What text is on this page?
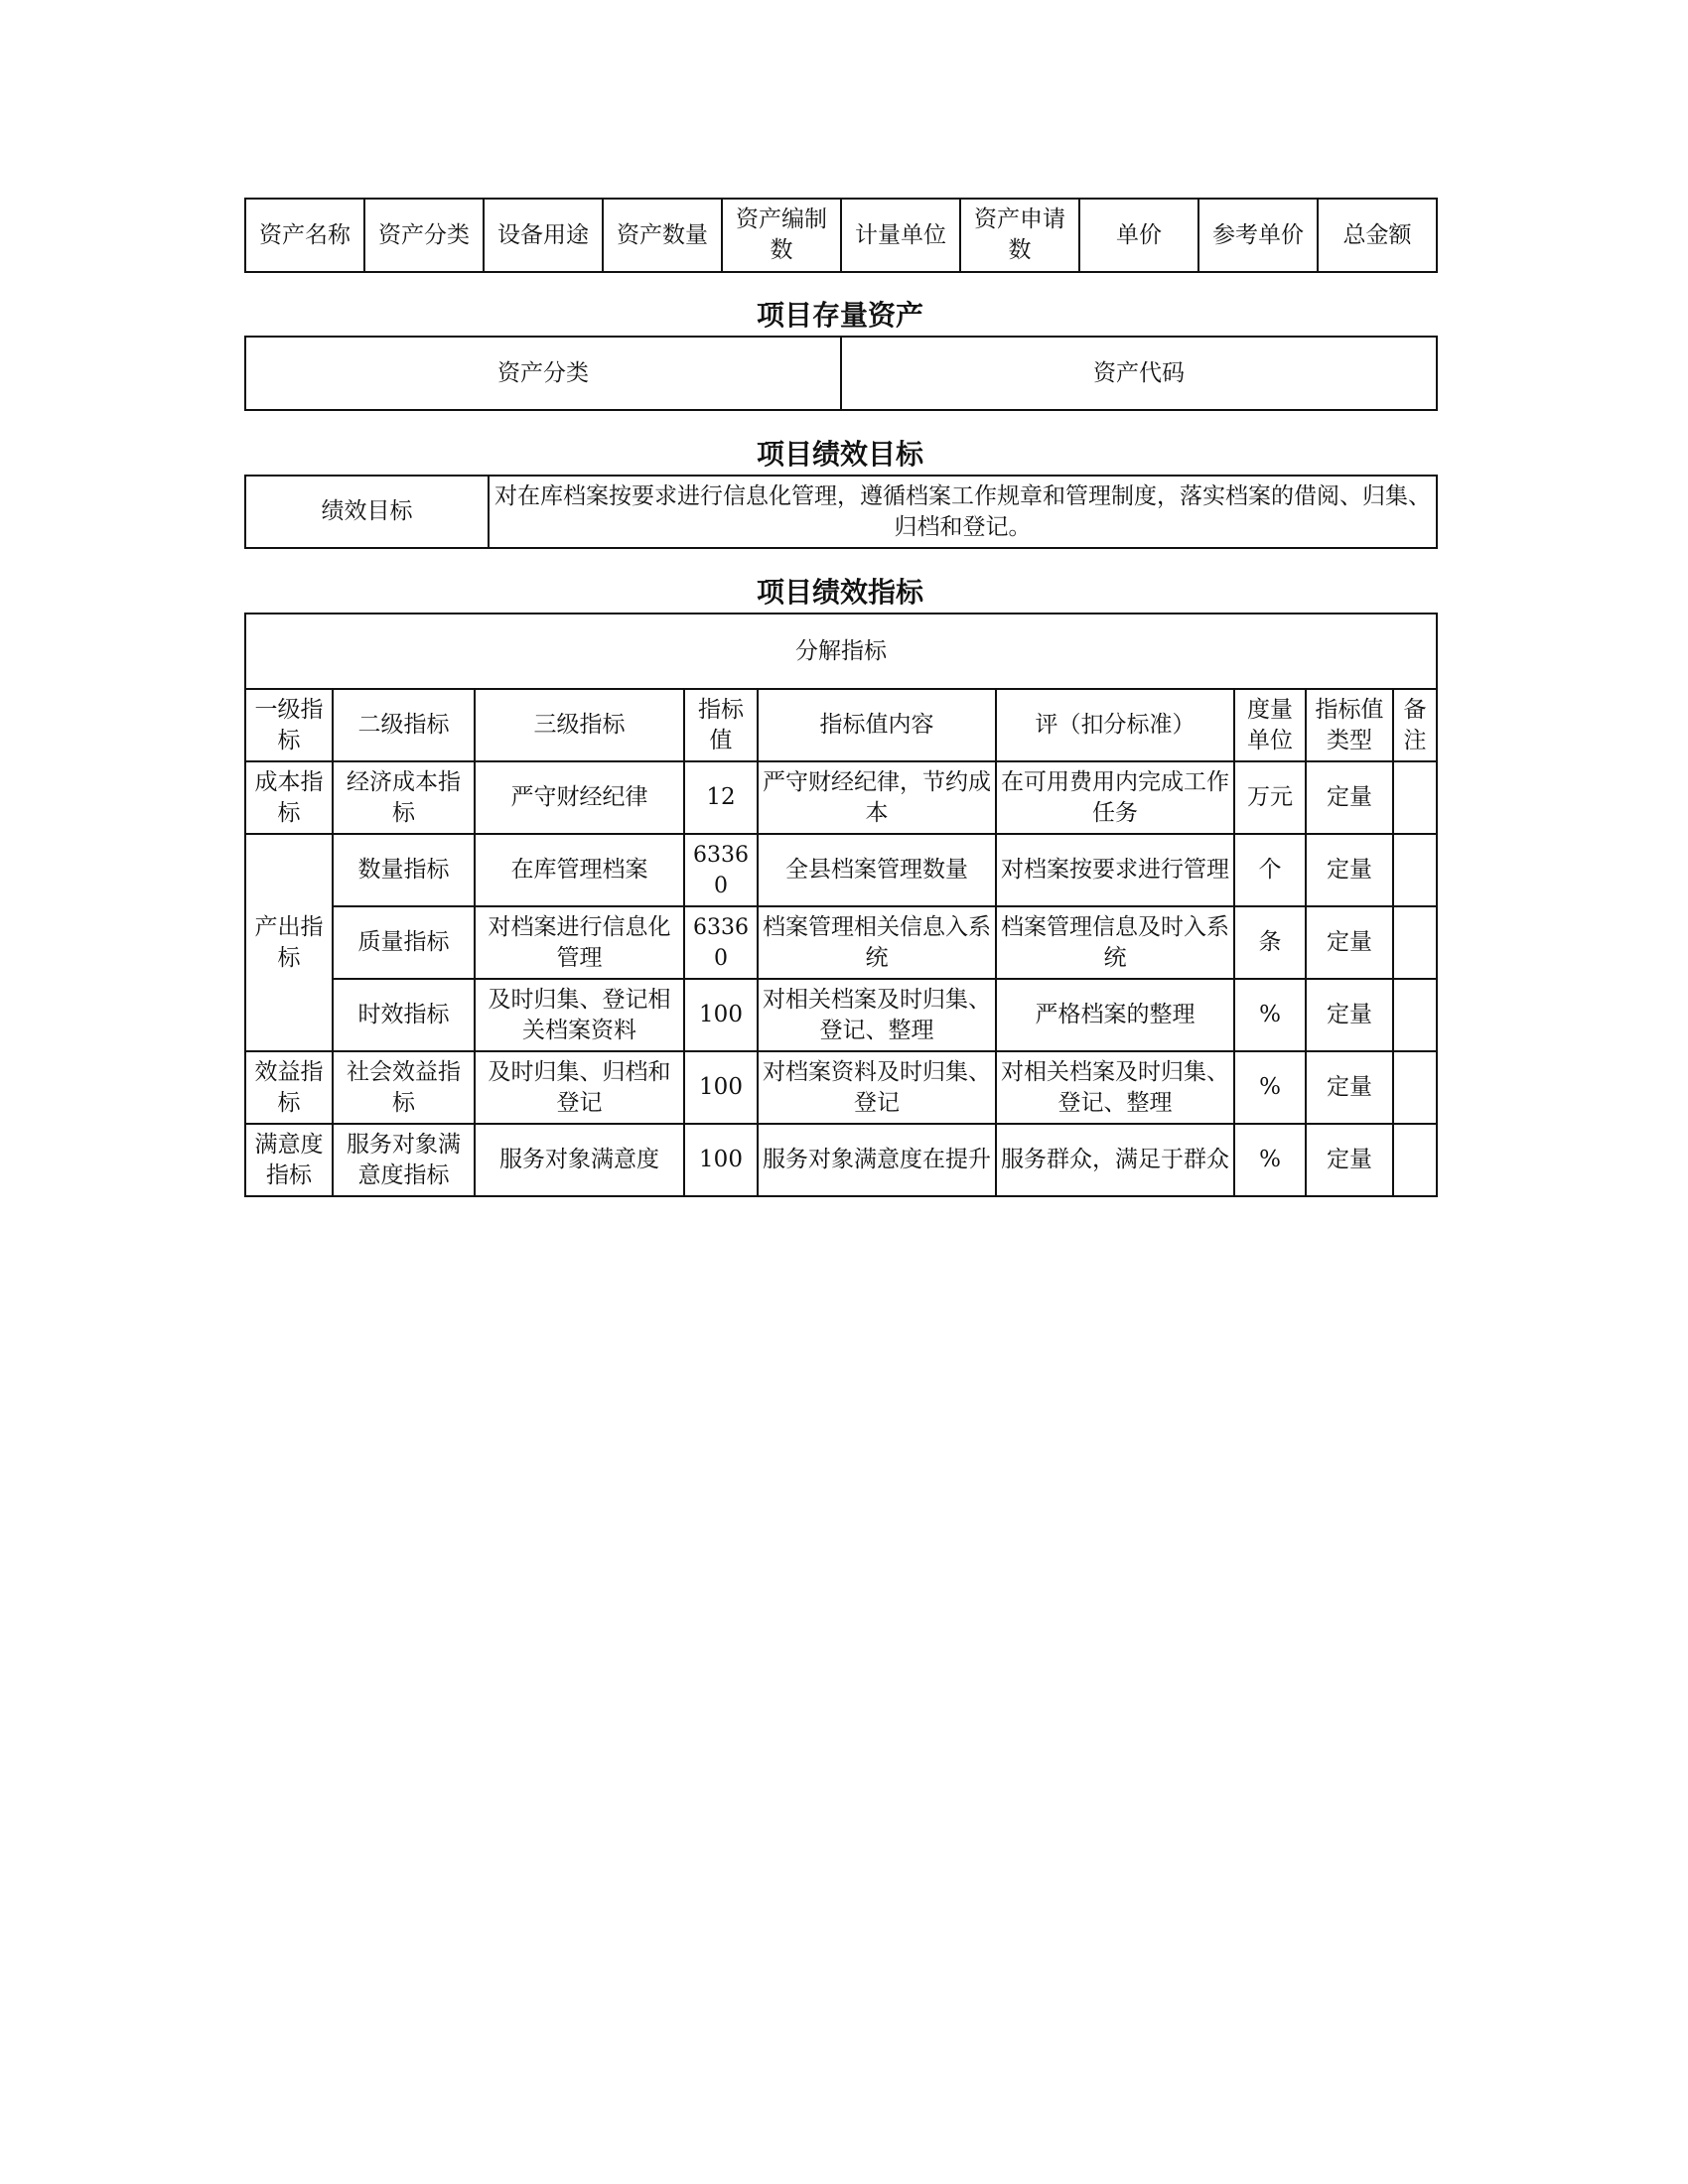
资产名称	资产分类	设备用途	资产数量	资产编制数	计量单位	资产申请数	单价	参考单价	总金额
项目存量资产
资产分类	资产代码
项目绩效目标
绩效目标	对在库档案按要求进行信息化管理，遵循档案工作规章和管理制度，落实档案的借阅、归集、归档和登记。
项目绩效指标
分解指标								
一级指标	二级指标	三级指标	指标值	指标值内容	评（扣分标准）	度量单位	指标值类型	备注
成本指标	经济成本指标	严守财经纪律	12	严守财经纪律，节约成本	在可用费用内完成工作任务	万元	定量	
产出指标	数量指标	在库管理档案	63360	全县档案管理数量	对档案按要求进行管理	个	定量	
	质量指标	对档案进行信息化管理	63360	档案管理相关信息入系统	档案管理信息及时入系统	条	定量	
	时效指标	及时归集、登记相关档案资料	100	对相关档案及时归集、登记、整理	严格档案的整理	%	定量	
效益指标	社会效益指标	及时归集、归档和登记	100	对档案资料及时归集、登记	对相关档案及时归集、登记、整理	%	定量	
满意度指标	服务对象满意度指标	服务对象满意度	100	服务对象满意度在提升	服务群众，满足于群众	%	定量	
